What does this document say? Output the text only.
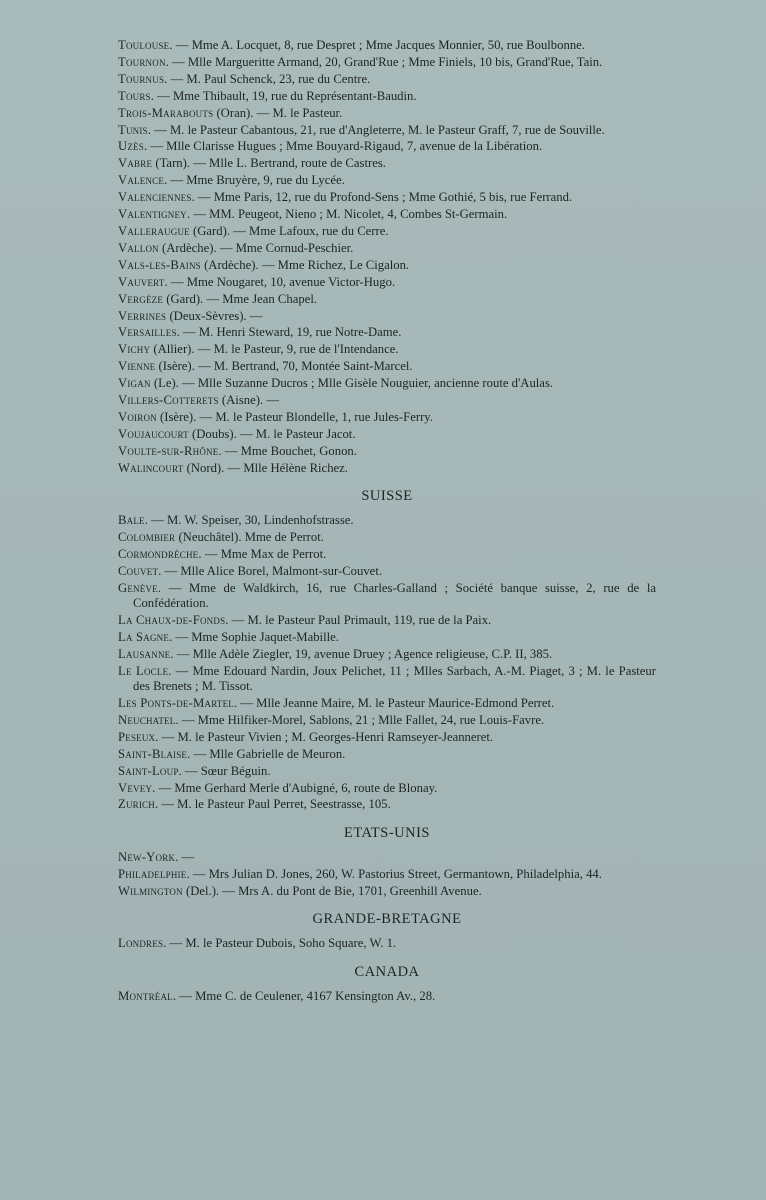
Toulouse. — Mme A. Locquet, 8, rue Despret ; Mme Jacques Monnier, 50, rue Boulbonne.

Tournon. — Mlle Margueritte Armand, 20, Grand'Rue ; Mme Finiels, 10 bis, Grand'Rue, Tain.

Tournus. — M. Paul Schenck, 23, rue du Centre.

Tours. — Mme Thibault, 19, rue du Représentant-Baudin.

Trois-Marabouts (Oran). — M. le Pasteur.

Tunis. — M. le Pasteur Cabantous, 21, rue d'Angleterre, M. le Pasteur Graff, 7, rue de Souville.

Uzès. — Mlle Clarisse Hugues ; Mme Bouyard-Rigaud, 7, avenue de la Libération.

Vabre (Tarn). — Mlle L. Bertrand, route de Castres.

Valence. — Mme Bruyère, 9, rue du Lycée.

Valenciennes. — Mme Paris, 12, rue du Profond-Sens ; Mme Gothié, 5 bis, rue Ferrand.

Valentigney. — MM. Peugeot, Nieno ; M. Nicolet, 4, Combes St-Germain.

Valleraugue (Gard). — Mme Lafoux, rue du Cerre.

Vallon (Ardèche). — Mme Cornud-Peschier.

Vals-les-Bains (Ardèche). — Mme Richez, Le Cigalon.

Vauvert. — Mme Nougaret, 10, avenue Victor-Hugo.

Vergèze (Gard). — Mme Jean Chapel.

Verrines (Deux-Sèvres). —

Versailles. — M. Henri Steward, 19, rue Notre-Dame.

Vichy (Allier). — M. le Pasteur, 9, rue de l'Intendance.

Vienne (Isère). — M. Bertrand, 70, Montée Saint-Marcel.

Vigan (Le). — Mlle Suzanne Ducros ; Mlle Gisèle Nouguier, ancienne route d'Aulas.

Villers-Cotterets (Aisne). —

Voiron (Isère). — M. le Pasteur Blondelle, 1, rue Jules-Ferry.

Voujaucourt (Doubs). — M. le Pasteur Jacot.

Voulte-sur-Rhône. — Mme Bouchet, Gonon.

Walincourt (Nord). — Mlle Hélène Richez.

SUISSE

Bale. — M. W. Speiser, 30, Lindenhofstrasse.

Colombier (Neuchâtel). Mme de Perrot.

Cormondrèche. — Mme Max de Perrot.

Couvet. — Mlle Alice Borel, Malmont-sur-Couvet.

Genève. — Mme de Waldkirch, 16, rue Charles-Galland ; Société banque suisse, 2, rue de la Confédération.

La Chaux-de-Fonds. — M. le Pasteur Paul Primault, 119, rue de la Paix.

La Sagne. — Mme Sophie Jaquet-Mabille.

Lausanne. — Mlle Adèle Ziegler, 19, avenue Druey ; Agence religieuse, C.P. II, 385.

Le Locle. — Mme Edouard Nardin, Joux Pelichet, 11 ; Mlles Sarbach, A.-M. Piaget, 3 ; M. le Pasteur des Brenets ; M. Tissot.

Les Ponts-de-Martel. — Mlle Jeanne Maire, M. le Pasteur Maurice-Edmond Perret.

Neuchatel. — Mme Hilfiker-Morel, Sablons, 21 ; Mlle Fallet, 24, rue Louis-Favre.

Peseux. — M. le Pasteur Vivien ; M. Georges-Henri Ramseyer-Jeanneret.

Saint-Blaise. — Mlle Gabrielle de Meuron.

Saint-Loup. — Sœur Béguin.

Vevey. — Mme Gerhard Merle d'Aubigné, 6, route de Blonay.

Zurich. — M. le Pasteur Paul Perret, Seestrasse, 105.

ETATS-UNIS

New-York. —

Philadelphie. — Mrs Julian D. Jones, 260, W. Pastorius Street, Germantown, Philadelphia, 44.

Wilmington (Del.). — Mrs A. du Pont de Bie, 1701, Greenhill Avenue.

GRANDE-BRETAGNE

Londres. — M. le Pasteur Dubois, Soho Square, W. 1.

CANADA

Montréal. — Mme C. de Ceulener, 4167 Kensington Av., 28.
